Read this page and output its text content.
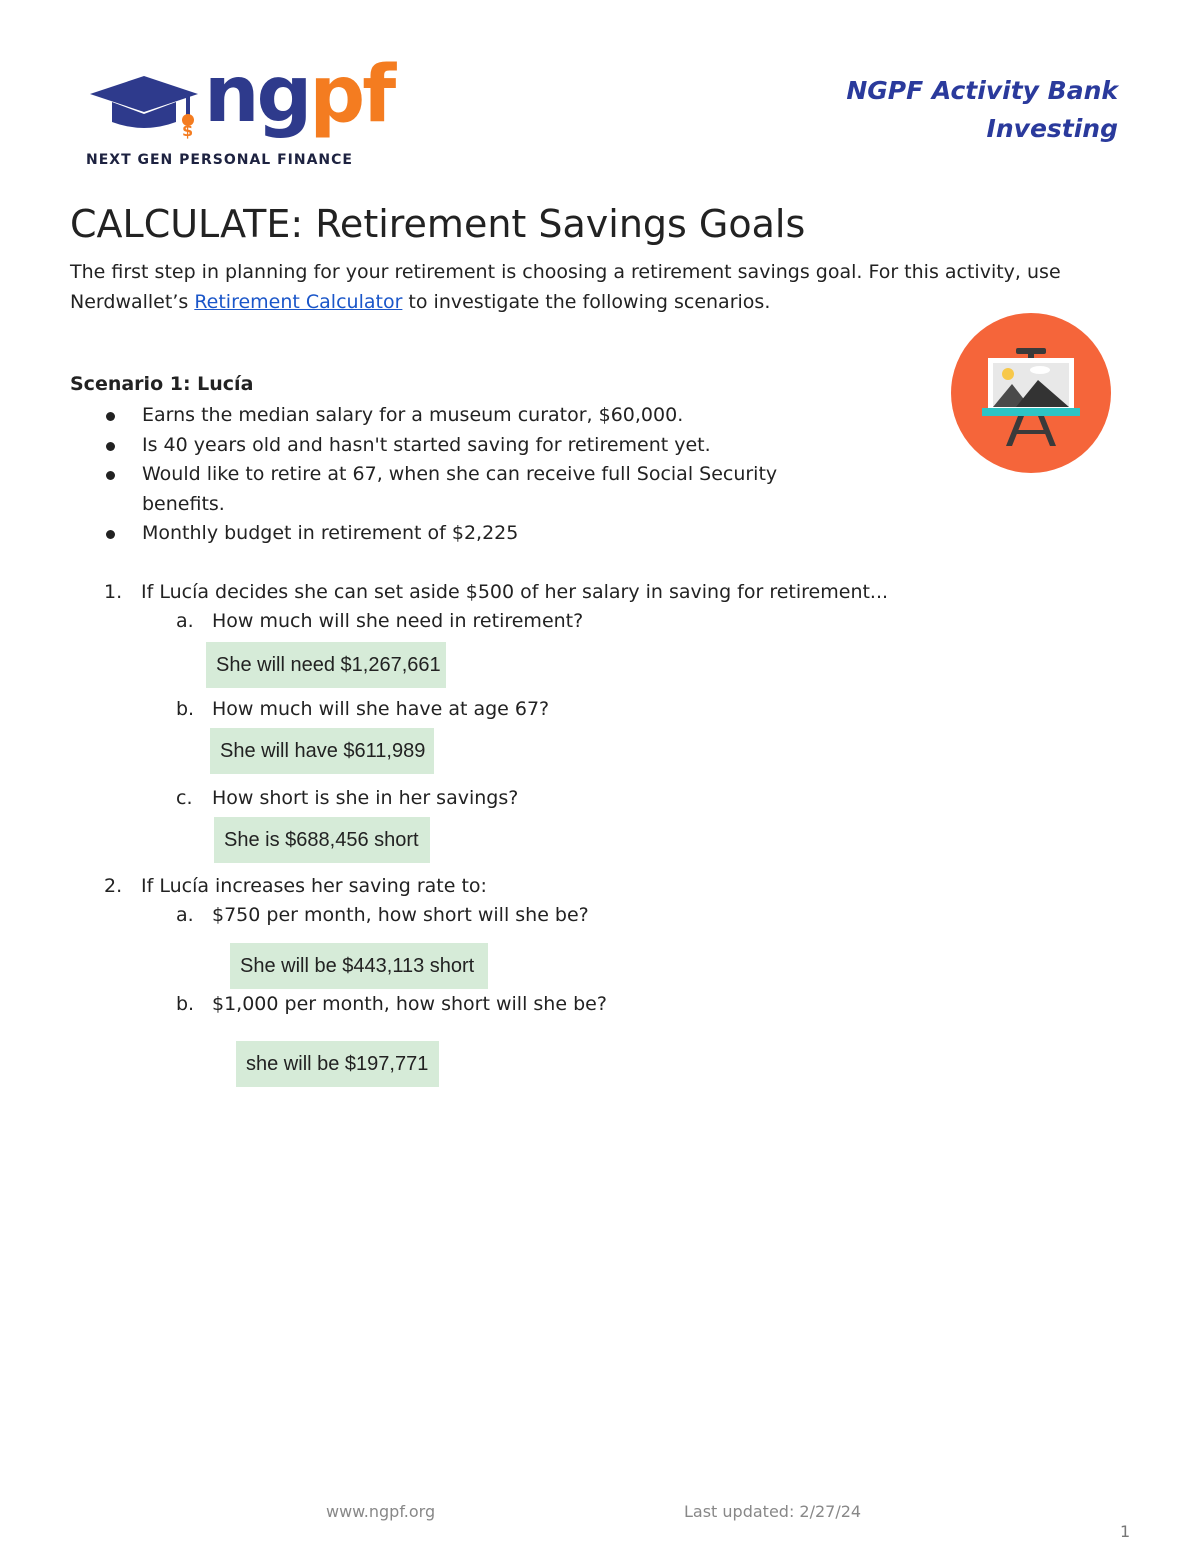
$ ngpf
NEXT GEN PERSONAL FINANCE
NGPF Activity Bank
Investing
CALCULATE: Retirement Savings Goals
The first step in planning for your retirement is choosing a retirement savings goal. For this activity, use Nerdwallet’s Retirement Calculator to investigate the following scenarios.
Scenario 1: Lucía
Earns the median salary for a museum curator, $60,000.
Is 40 years old and hasn't started saving for retirement yet.
Would like to retire at 67, when she can receive full Social Security benefits.
Monthly budget in retirement of $2,225
1. If Lucía decides she can set aside $500 of her salary in saving for retirement...
a. How much will she need in retirement?
She will need $1,267,661
b. How much will she have at age 67?
She will have $611,989
c. How short is she in her savings?
She is $688,456 short
2. If Lucía increases her saving rate to:
a. $750 per month, how short will she be?
She will be $443,113 short
b. $1,000 per month, how short will she be?
she will be $197,771
www.ngpf.org	Last updated: 2/27/24
1
